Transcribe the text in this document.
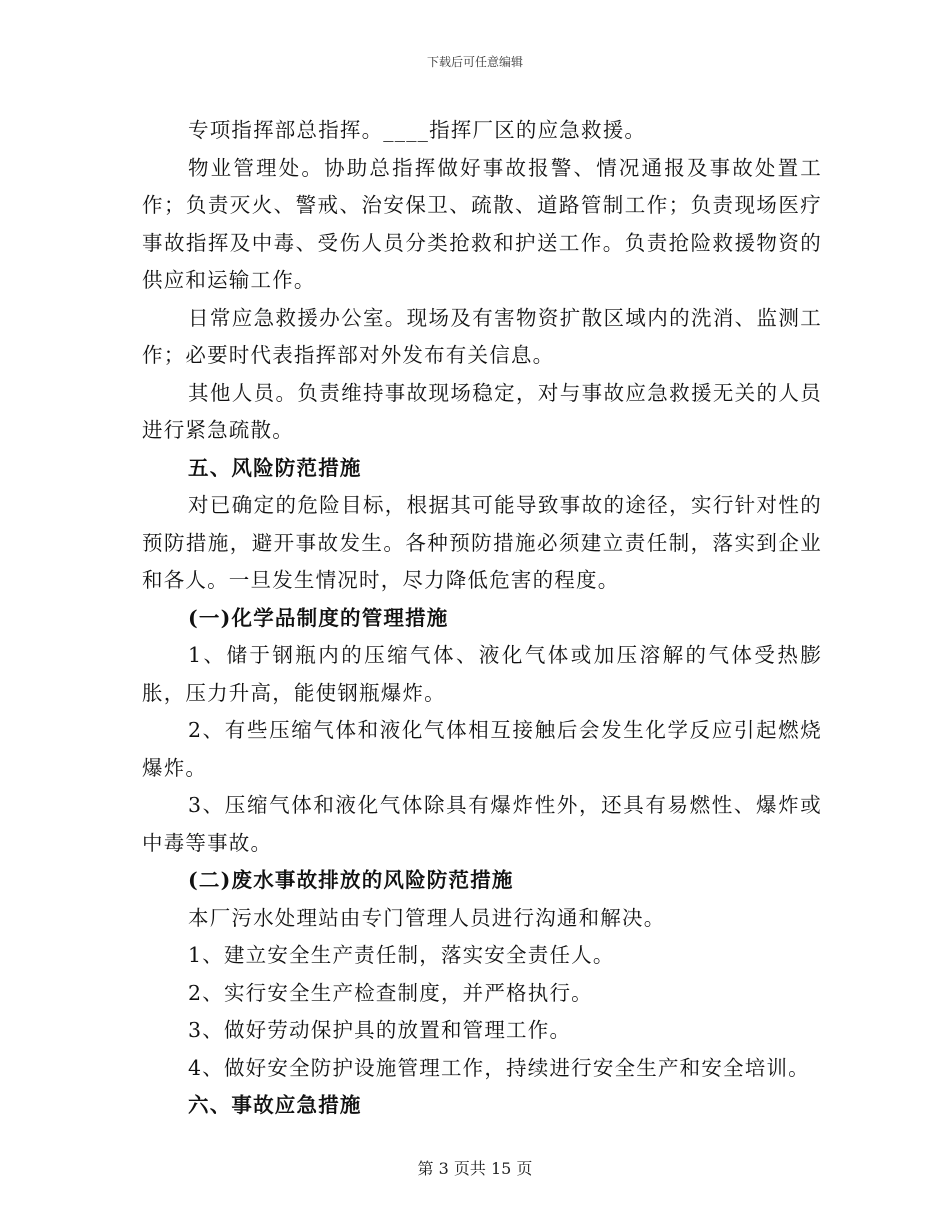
下载后可任意编辑

专项指挥部总指挥。____指挥厂区的应急救援。

物业管理处。协助总指挥做好事故报警、情况通报及事故处置工作；负责灭火、警戒、治安保卫、疏散、道路管制工作；负责现场医疗事故指挥及中毒、受伤人员分类抢救和护送工作。负责抢险救援物资的供应和运输工作。

日常应急救援办公室。现场及有害物资扩散区域内的洗消、监测工作；必要时代表指挥部对外发布有关信息。

其他人员。负责维持事故现场稳定，对与事故应急救援无关的人员进行紧急疏散。

五、风险防范措施

对已确定的危险目标，根据其可能导致事故的途径，实行针对性的预防措施，避开事故发生。各种预防措施必须建立责任制，落实到企业和各人。一旦发生情况时，尽力降低危害的程度。

(一)化学品制度的管理措施

1、储于钢瓶内的压缩气体、液化气体或加压溶解的气体受热膨胀，压力升高，能使钢瓶爆炸。

2、有些压缩气体和液化气体相互接触后会发生化学反应引起燃烧爆炸。

3、压缩气体和液化气体除具有爆炸性外，还具有易燃性、爆炸或中毒等事故。

(二)废水事故排放的风险防范措施

本厂污水处理站由专门管理人员进行沟通和解决。

1、建立安全生产责任制，落实安全责任人。

2、实行安全生产检查制度，并严格执行。

3、做好劳动保护具的放置和管理工作。

4、做好安全防护设施管理工作，持续进行安全生产和安全培训。

六、事故应急措施

第 3 页共 15 页
